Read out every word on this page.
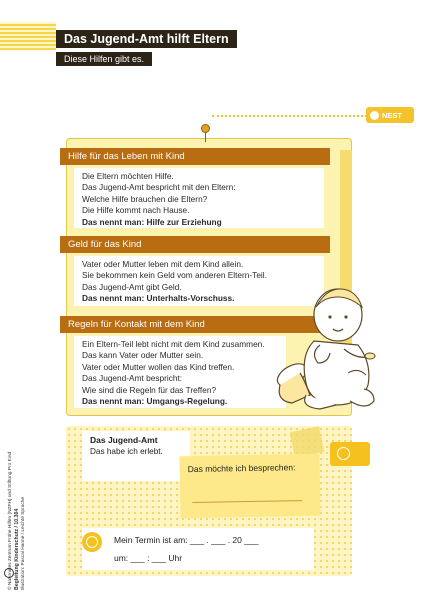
Das Jugend-Amt hilft Eltern
Diese Hilfen gibt es.
NEST
Hilfe für das Leben mit Kind
Die Eltern möchten Hilfe.
Das Jugend-Amt bespricht mit den Eltern:
Welche Hilfe brauchen die Eltern?
Die Hilfe kommt nach Hause.
Das nennt man: Hilfe zur Erziehung
Geld für das Kind
Vater oder Mutter leben mit dem Kind allein.
Sie bekommen kein Geld vom anderen Eltern-Teil.
Das Jugend-Amt gibt Geld.
Das nennt man: Unterhalts-Vorschuss.
Regeln für Kontakt mit dem Kind
Ein Eltern-Teil lebt nicht mit dem Kind zusammen.
Das kann Vater oder Mutter sein.
Vater oder Mutter wollen das Kind treffen.
Das Jugend-Amt bespricht:
Wie sind die Regeln für das Treffen?
Das nennt man: Umgangs-Regelung.
Das Jugend-Amt
Das habe ich erlebt.
Das möchte ich besprechen:
Mein Termin ist am: ___ . ___ . 20 ___
um: ___ : ___ Uhr
© Nationales Zentrum Frühe Hilfen (NZFH) und Stiftung Pro Kind Begleitung Kinderschutz / 10.304 Illustration: Pascal Hanne / Leichte Sprache
